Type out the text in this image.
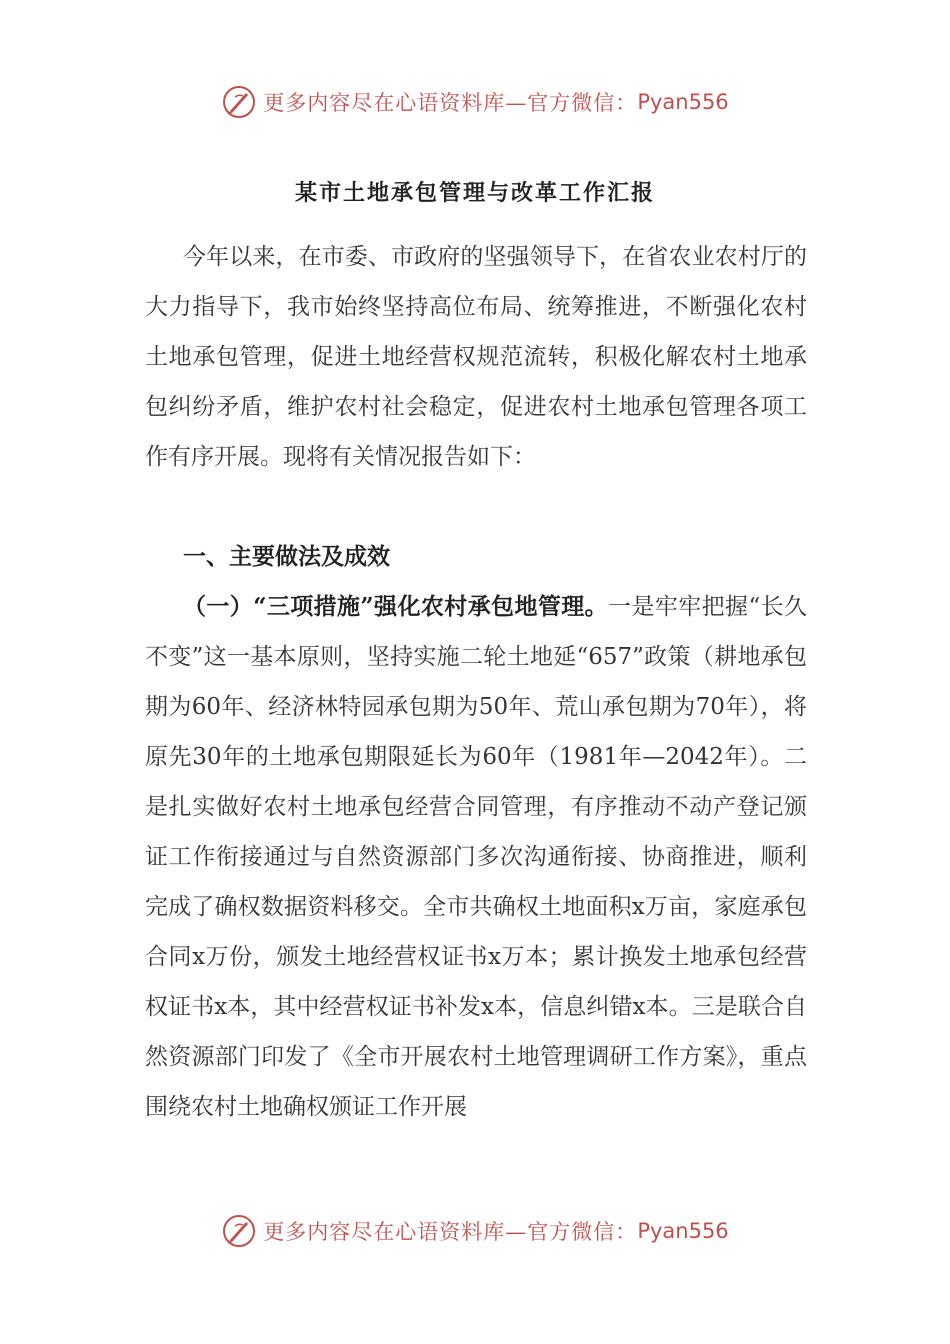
更多内容尽在心语资料库—官方微信： Pyan556
某市土地承包管理与改革工作汇报
今年以来，在市委、市政府的坚强领导下，在省农业农村厅的大力指导下，我市始终坚持高位布局、统筹推进，不断强化农村土地承包管理，促进土地经营权规范流转，积极化解农村土地承包纠纷矛盾，维护农村社会稳定，促进农村土地承包管理各项工作有序开展。现将有关情况报告如下：
一、主要做法及成效
（一）“三项措施”强化农村承包地管理。一是牢牢把握“长久不变”这一基本原则，坚持实施二轮土地延“657”政策（耕地承包期为60年、经济林特园承包期为50年、荒山承包期为70年），将原先30年的土地承包期限延长为60年（1981年—2042年）。二是扎实做好农村土地承包经营合同管理，有序推动不动产登记颁证工作衔接通过与自然资源部门多次沟通衔接、协商推进，顺利完成了确权数据资料移交。全市共确权土地面积x万亩，家庭承包合同x万份，颁发土地经营权证书x万本；累计换发土地承包经营权证书x本，其中经营权证书补发x本，信息纠错x本。三是联合自然资源部门印发了《全市开展农村土地管理调研工作方案》，重点围绕农村土地确权颁证工作开展
更多内容尽在心语资料库—官方微信： Pyan556
